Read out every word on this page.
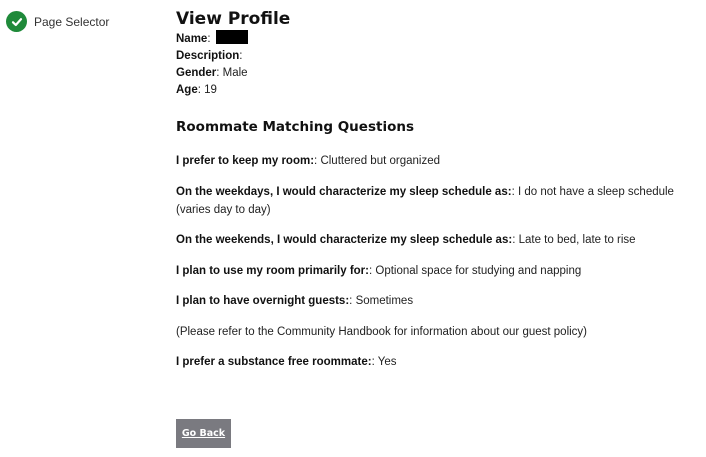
Page Selector	View Profile
Name:
Description:
Gender: Male
Age: 19
Roommate Matching Questions

I prefer to keep my room:: Cluttered but organized

On the weekdays, I would characterize my sleep schedule as:: I do not have a sleep schedule (varies day to day)

On the weekends, I would characterize my sleep schedule as:: Late to bed, late to rise

I plan to use my room primarily for:: Optional space for studying and napping

I plan to have overnight guests:: Sometimes

(Please refer to the Community Handbook for information about our guest policy)

I prefer a substance free roommate:: Yes

Go Back
